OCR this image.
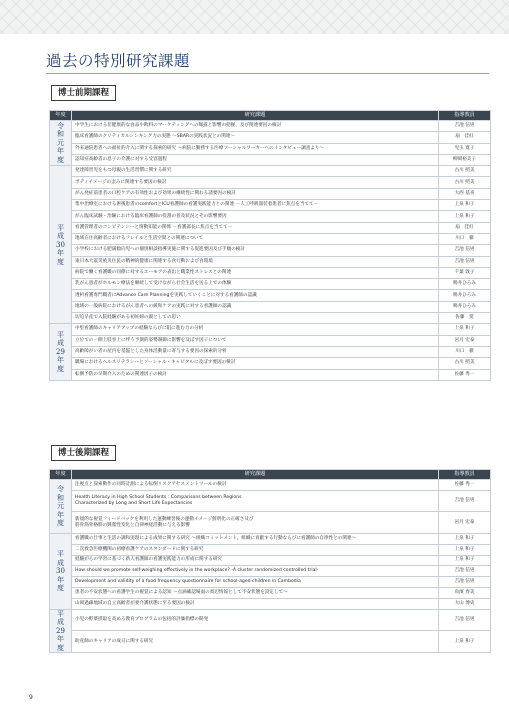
過去の特別研究課題
博士前期課程
年度	研究課題	指導教員

令
和
元
年
度	中学生における非健康的な食品や飲料のマーケティングへの曝露と影響の把握、及び関連要因の検討	吉池 信男
	臨床看護師のクリティカルシンキング力の実態 ～SBARの実践状況との関連～	扇　佳紅
	外来通院患者への福祉的介入に関する探索的研究 ～病院に勤務する医療ソーシャルワーカーへのインタビュー調査より～	児玉 寛子
	認知症高齢者の息子の介護に対する受容過程	柳岡裕美子

平
成
30
年
度	発達障害児をもつ母親の生活習慣に関する研究	古川 照美
	ボディイメージの歪みに関連する要因の検討	古川 照美
	がん発症前患者の口腔ケアの有効性および効果の継続性に関わる諸要因の検討	大西 基喜
	集中治療室における術後患者のcomfortとICU看護師の看護実践能力との関連 －人工呼吸器装着患者に焦点を当てて－	上泉 和子
	がん臨床試験・治験における臨床看護師の役割の普及状況とその影響要因	上泉 和子
	看護管理者のコンピテンシーと情動知能の関係 －看護部長に焦点を当てて－	扇　佳紅
	地域在住高齢者におけるフレイルと生活空間との関連について	川口　徹
	小学校における肥満傾向児への個別相談指導実施に関する促進要因及び手順の検討	吉池 信男
	東日本大震災被災住民の精神的健康に関連する食行動および食環境	吉池 信男
	病院で働く看護職の同僚に対するユーモアの表出と職業性ストレスとの関連	千葉 敦子
	乳がん患者がホルモン療法を継続して受けながら社会生活を送る上での体験	鳴井ひろみ
	透析看護専門職者にAdvance Care Planningを実践していくことに対する看護師の認識	鳴井ひろみ
	地域の一般病院におけるがん患者への緩和ケアの実践に対する看護師の認識	鳴井ひろみ
	切迫早産で入院経験がある初妊婦の親としての思い	佐藤　愛

平
成
29
年
度	中堅看護師のキャリアアップの経験ならびに阻に進む力の分析	上泉 和子
	立位での一側上肢挙上に伴う予測的姿勢制御に影響を及ぼす因子について	岩月 宏泰
	高齢障がい者の屋内を基盤とした身体活動量に寄与する要因の探索的分析	川口　徹
	職場におけるヘルスリテラシーとソーシャル・キャピタルに及ぼす要因の検討	古川 照美
	転倒予防の早期介入のための関連因子の検討	佐藤 秀一
博士後期課程
年度	研究課題	指導教員

令
和
元
年
度	注視点と探索動作の同時計測による転倒リスクアセスメントツールの検討	佐藤 秀一
	Health Literacy in High School Students : Comparisons between Regions
Characterized by Long and Short Life Expectancies	吉池 信男
	新規的な視覚フィードバックを利用した運動練習後の運動イメージ鮮明化の正確さ及び
筋骨筋骨格筋の興奮性変化と自律神経活動に与える影響	岩月 宏泰

平
成
30
年
度	看護職の仕事と生活の調和実現による成果に関する研究 ～組織コミットメント、組織に貢献する行動ならびに看護師の自律性との関連～	上泉 和子
	二次救急医療機関の初療看護ケアのスタンダードに関する研究	上泉 和子
	経験がらの学習に基づく新人看護師の看護実践能力の形成に関する研究	上泉 和子
	How should we promote self-weighing effectively in the workplace? -A cluster randomized controlled trial-	吉池 信男
	Development and validity of a food frequency questionnaire for school-aged children in Cambodia	吉池 信男
	患者の不安状態への看護学生の視覚による認知 ～点滴確認場面の周辺情報として不安状態を設定して～	角濱 春美
	山岡過疎地域の自立高齢者が妻介護状態に至る要因の検討	大山 博史

平
成
29
年
度	小児の野菜摂取を高める教育プログラムの包括的評価指標の開発	吉池 信男
	助産師のキャリアの成日に関する研究	上泉 和子
9
